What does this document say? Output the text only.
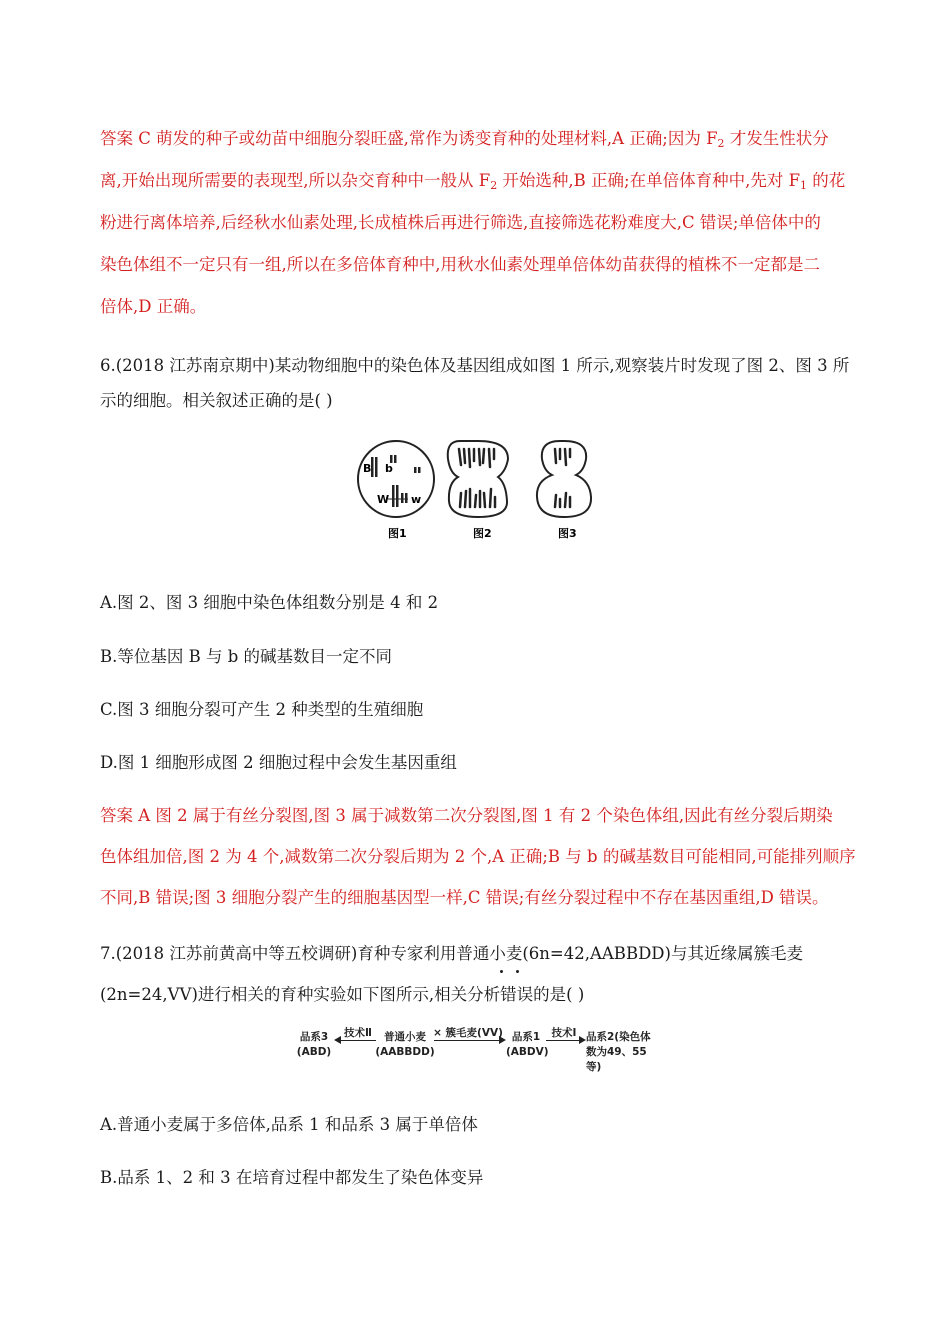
答案 C 萌发的种子或幼苗中细胞分裂旺盛,常作为诱变育种的处理材料,A 正确;因为 $F_2$ 才发生性状分
离,开始出现所需要的表现型,所以杂交育种中一般从 $F_2$ 开始选种,B 正确;在单倍体育种中,先对 $F_1$ 的花
粉进行离体培养,后经秋水仙素处理,长成植株后再进行筛选,直接筛选花粉难度大,C 错误;单倍体中的
染色体组不一定只有一组,所以在多倍体育种中,用秋水仙素处理单倍体幼苗获得的植株不一定都是二
倍体,D 正确。
6.(2018 江苏南京期中)某动物细胞中的染色体及基因组成如图 1 所示,观察装片时发现了图 2、图 3 所
示的细胞。相关叙述正确的是( )
B b
W w
图1	图2	图3
A.图 2、图 3 细胞中染色体组数分别是 4 和 2
B.等位基因 B 与 b 的碱基数目一定不同
C.图 3 细胞分裂可产生 2 种类型的生殖细胞
D.图 1 细胞形成图 2 细胞过程中会发生基因重组
答案 A 图 2 属于有丝分裂图,图 3 属于减数第二次分裂图,图 1 有 2 个染色体组,因此有丝分裂后期染
色体组加倍,图 2 为 4 个,减数第二次分裂后期为 2 个,A 正确;B 与 b 的碱基数目可能相同,可能排列顺序
不同,B 错误;图 3 细胞分裂产生的细胞基因型一样,C 错误;有丝分裂过程中不存在基因重组,D 错误。
7.(2018 江苏前黄高中等五校调研)育种专家利用普通小麦(6n=42,AABBDD)与其近缘属簇毛麦
(2n=24,VV)进行相关的育种实验如下图所示,相关分析错误的是( )
品系3
(ABD)
技术Ⅱ	普通小麦
(AABBDD)
× 簇毛麦(VV) 品系1
(ABDV)
技术Ⅰ 品系2(染色体
数为49、55等)
A.普通小麦属于多倍体,品系 1 和品系 3 属于单倍体
B.品系 1、2 和 3 在培育过程中都发生了染色体变异
